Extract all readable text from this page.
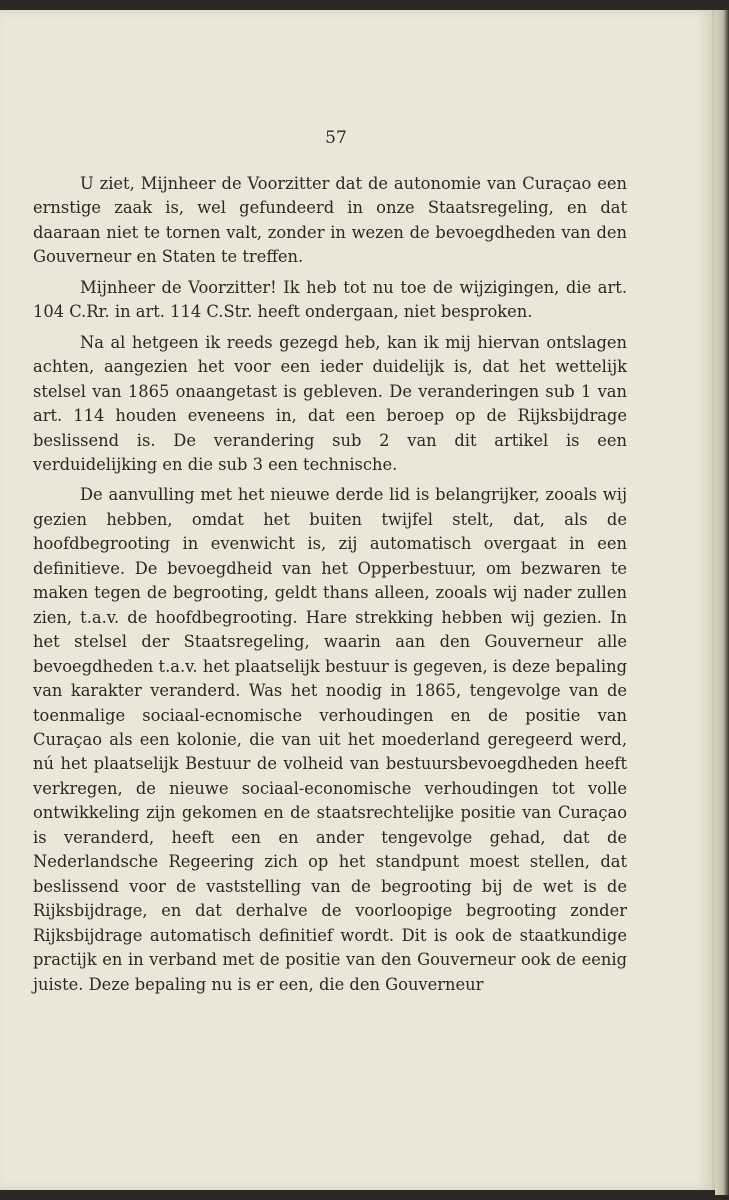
57

U ziet, Mijnheer de Voorzitter dat de autonomie van Curaçao een ernstige zaak is, wel gefundeerd in onze Staatsregeling, en dat daaraan niet te tornen valt, zonder in wezen de bevoegdheden van den Gouverneur en Staten te treffen.

Mijnheer de Voorzitter! Ik heb tot nu toe de wijzigingen, die art. 104 C.Rr. in art. 114 C.Str. heeft ondergaan, niet besproken.

Na al hetgeen ik reeds gezegd heb, kan ik mij hiervan ontslagen achten, aangezien het voor een ieder duidelijk is, dat het wettelijk stelsel van 1865 onaangetast is gebleven. De veranderingen sub 1 van art. 114 houden eveneens in, dat een beroep op de Rijksbijdrage beslissend is. De verandering sub 2 van dit artikel is een verduidelijking en die sub 3 een technische.

De aanvulling met het nieuwe derde lid is belangrijker, zooals wij gezien hebben, omdat het buiten twijfel stelt, dat, als de hoofdbegrooting in evenwicht is, zij automatisch overgaat in een definitieve. De bevoegdheid van het Opperbestuur, om bezwaren te maken tegen de begrooting, geldt thans alleen, zooals wij nader zullen zien, t.a.v. de hoofdbegrooting. Hare strekking hebben wij gezien. In het stelsel der Staatsregeling, waarin aan den Gouverneur alle bevoegdheden t.a.v. het plaatselijk bestuur is gegeven, is deze bepaling van karakter veranderd. Was het noodig in 1865, tengevolge van de toenmalige sociaal-ecnomische verhoudingen en de positie van Curaçao als een kolonie, die van uit het moederland geregeerd werd, nú het plaatselijk Bestuur de volheid van bestuursbevoegdheden heeft verkregen, de nieuwe sociaal-economische verhoudingen tot volle ontwikkeling zijn gekomen en de staatsrechtelijke positie van Curaçao is veranderd, heeft een en ander tengevolge gehad, dat de Nederlandsche Regeering zich op het standpunt moest stellen, dat beslissend voor de vaststelling van de begrooting bij de wet is de Rijksbijdrage, en dat derhalve de voorloopige begrooting zonder Rijksbijdrage automatisch definitief wordt. Dit is ook de staatkundige practijk en in verband met de positie van den Gouverneur ook de eenig juiste. Deze bepaling nu is er een, die den Gouverneur
